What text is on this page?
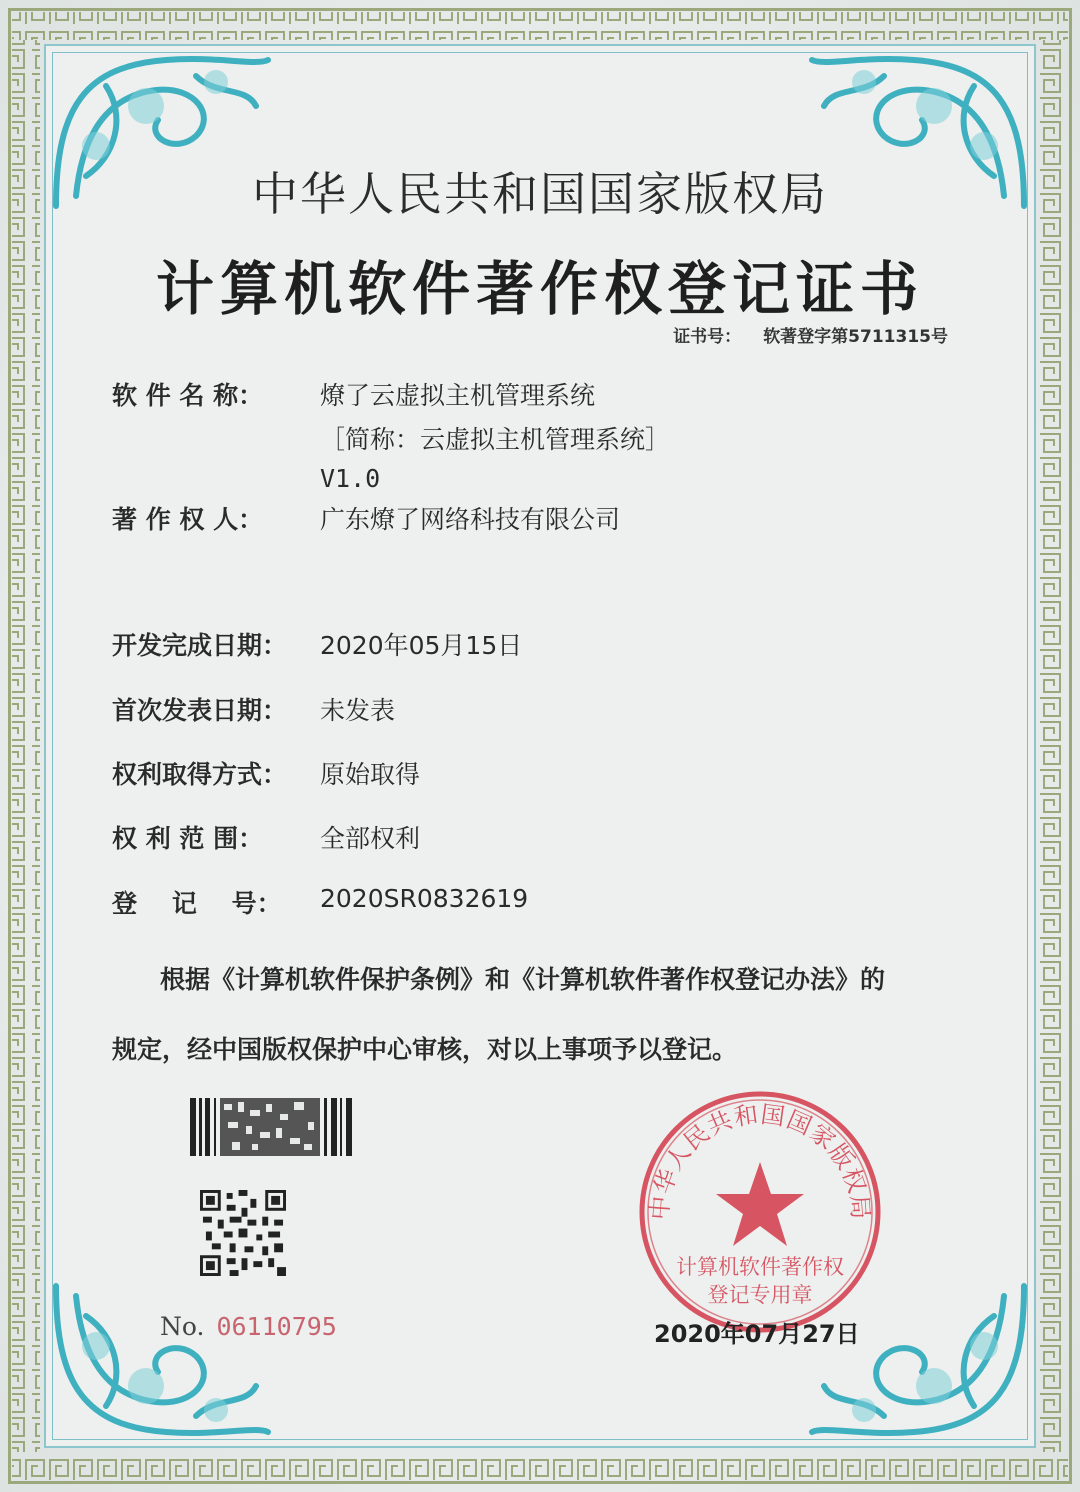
中华人民共和国国家版权局
计算机软件著作权登记证书
证书号： 软著登字第5711315号
软 件 名 称：	燎了云虚拟主机管理系统
［简称：云虚拟主机管理系统］
V1.0
著 作 权 人：	广东燎了网络科技有限公司
开发完成日期：	2020年05月15日
首次发表日期：	未发表
权利取得方式：	原始取得
权 利 范 围：	全部权利
登    记    号：	2020SR0832619
根据《计算机软件保护条例》和《计算机软件著作权登记办法》的
规定，经中国版权保护中心审核，对以上事项予以登记。
No. 06110795
中华人民共和国国家版权局
计算机软件著作权
登记专用章
2020年07月27日
